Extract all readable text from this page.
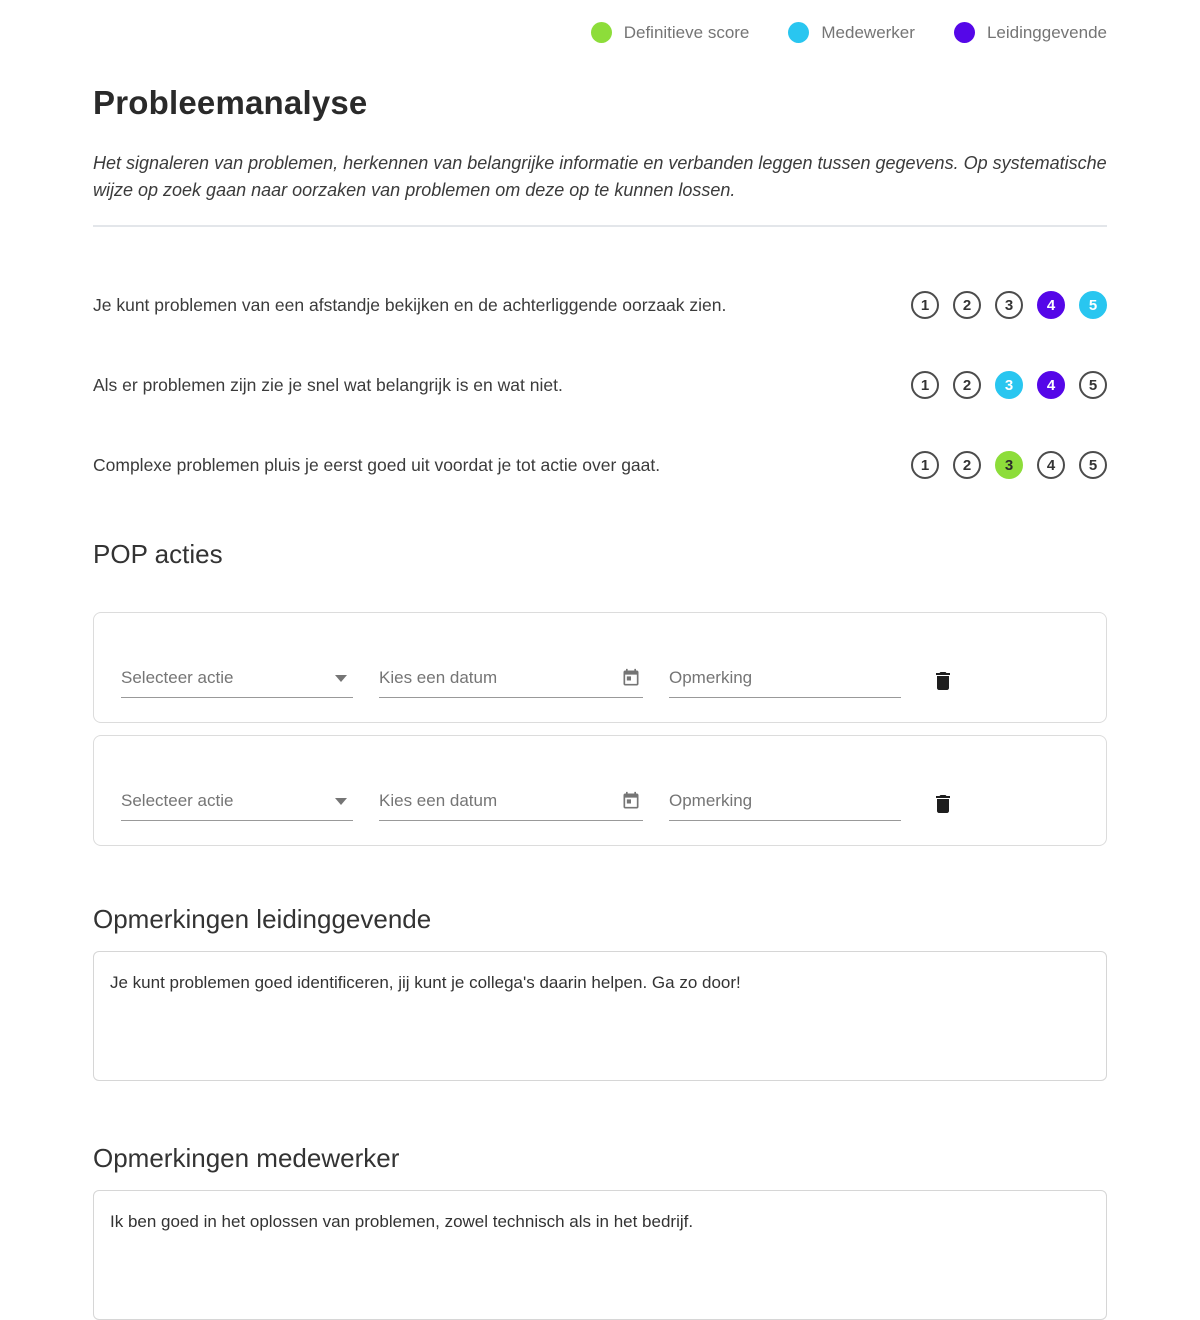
Definitieve score	Medewerker	Leidinggevende
Probleemanalyse

Het signaleren van problemen, herkennen van belangrijke informatie en verbanden leggen tussen gegevens. Op systematische wijze op zoek gaan naar oorzaken van problemen om deze op te kunnen lossen.

Je kunt problemen van een afstandje bekijken en de achterliggende oorzaak zien.	1	2	3	4	5
Als er problemen zijn zie je snel wat belangrijk is en wat niet.	1	2	3	4	5
Complexe problemen pluis je eerst goed uit voordat je tot actie over gaat.	1	2	3	4	5
POP acties
Selecteer actie	Kies een datum	Opmerking
Selecteer actie	Kies een datum	Opmerking
Opmerkingen leidinggevende
Je kunt problemen goed identificeren, jij kunt je collega's daarin helpen. Ga zo door!
Opmerkingen medewerker
Ik ben goed in het oplossen van problemen, zowel technisch als in het bedrijf.
